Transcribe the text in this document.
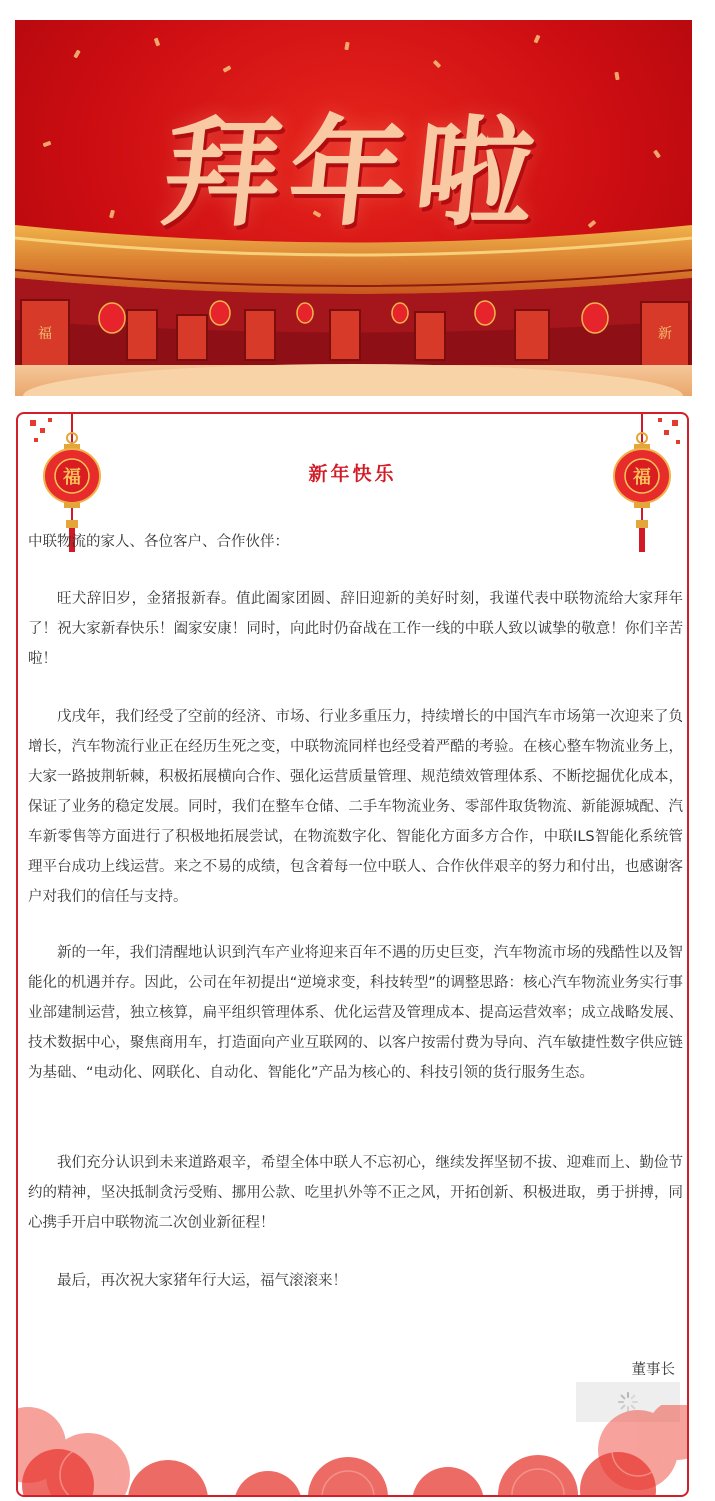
拜年啦
福	新
福	福
新年快乐
中联物流的家人、各位客户、合作伙伴：

旺犬辞旧岁，金猪报新春。值此阖家团圆、辞旧迎新的美好时刻，我谨代表中联物流给大家拜年了！祝大家新春快乐！阖家安康！同时，向此时仍奋战在工作一线的中联人致以诚挚的敬意！你们辛苦啦！

戊戌年，我们经受了空前的经济、市场、行业多重压力，持续增长的中国汽车市场第一次迎来了负增长，汽车物流行业正在经历生死之变，中联物流同样也经受着严酷的考验。在核心整车物流业务上，大家一路披荆斩棘，积极拓展横向合作、强化运营质量管理、规范绩效管理体系、不断挖掘优化成本，保证了业务的稳定发展。同时，我们在整车仓储、二手车物流业务、零部件取货物流、新能源城配、汽车新零售等方面进行了积极地拓展尝试，在物流数字化、智能化方面多方合作，中联ILS智能化系统管理平台成功上线运营。来之不易的成绩，包含着每一位中联人、合作伙伴艰辛的努力和付出，也感谢客户对我们的信任与支持。

新的一年，我们清醒地认识到汽车产业将迎来百年不遇的历史巨变，汽车物流市场的残酷性以及智能化的机遇并存。因此，公司在年初提出“逆境求变，科技转型”的调整思路：核心汽车物流业务实行事业部建制运营，独立核算，扁平组织管理体系、优化运营及管理成本、提高运营效率；成立战略发展、技术数据中心，聚焦商用车，打造面向产业互联网的、以客户按需付费为导向、汽车敏捷性数字供应链为基础、“电动化、网联化、自动化、智能化”产品为核心的、科技引领的货行服务生态。

我们充分认识到未来道路艰辛，希望全体中联人不忘初心，继续发挥坚韧不拔、迎难而上、勤俭节约的精神，坚决抵制贪污受贿、挪用公款、吃里扒外等不正之风，开拓创新、积极进取，勇于拼搏，同心携手开启中联物流二次创业新征程！

最后，再次祝大家猪年行大运，福气滚滚来！

董事长
